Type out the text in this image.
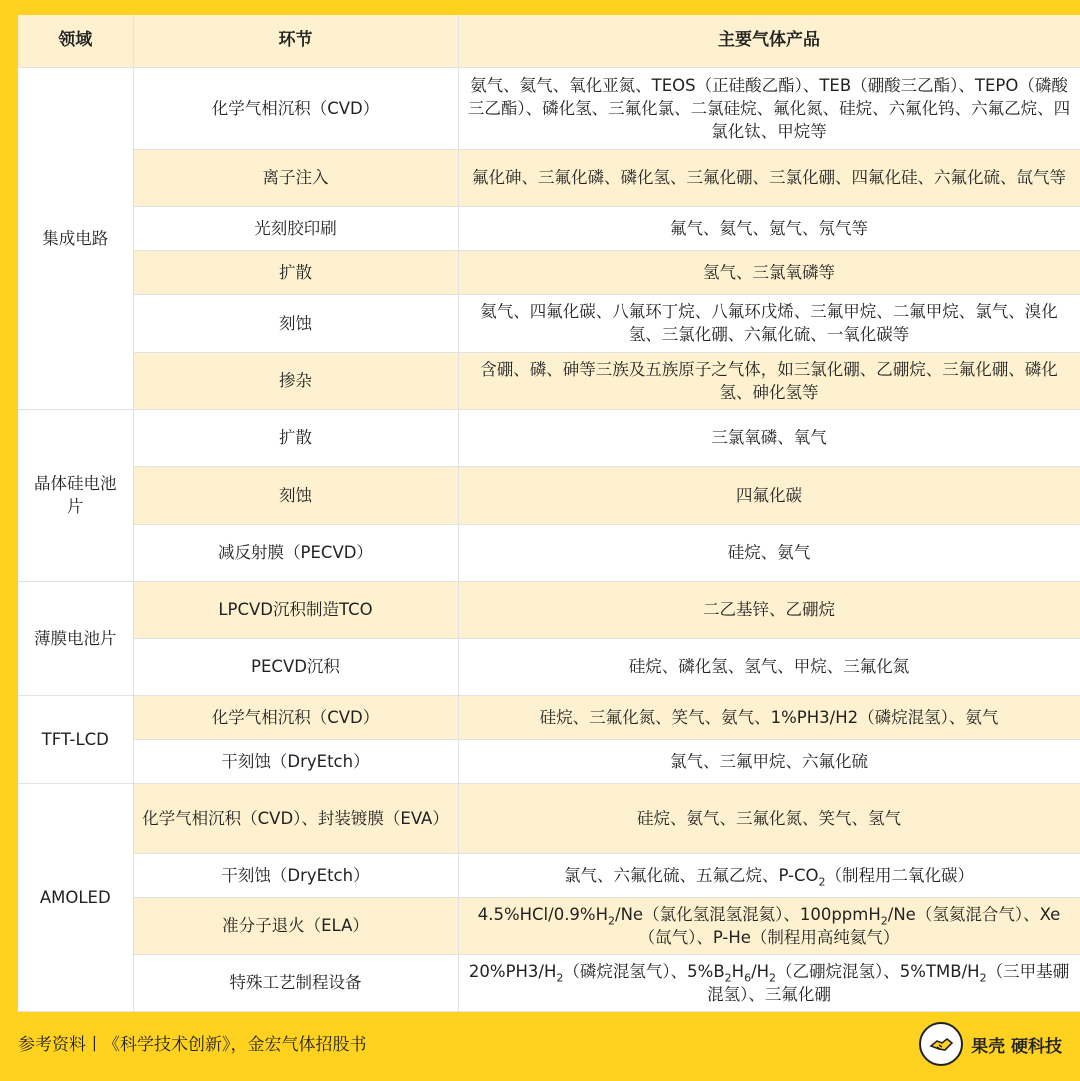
领域	环节	主要气体产品
集成电路	化学气相沉积（CVD）	氨气、氦气、氧化亚氮、TEOS（正硅酸乙酯）、TEB（硼酸三乙酯）、TEPO（磷酸三乙酯）、磷化氢、三氟化氯、二氯硅烷、氟化氮、硅烷、六氟化钨、六氟乙烷、四氯化钛、甲烷等
	离子注入	氟化砷、三氟化磷、磷化氢、三氟化硼、三氯化硼、四氟化硅、六氟化硫、氙气等
	光刻胶印刷	氟气、氦气、氪气、氖气等
	扩散	氢气、三氯氧磷等
	刻蚀	氦气、四氟化碳、八氟环丁烷、八氟环戊烯、三氟甲烷、二氟甲烷、氯气、溴化氢、三氯化硼、六氟化硫、一氧化碳等
	掺杂	含硼、磷、砷等三族及五族原子之气体，如三氯化硼、乙硼烷、三氟化硼、磷化氢、砷化氢等
晶体硅电池片	扩散	三氯氧磷、氧气
	刻蚀	四氟化碳
	减反射膜（PECVD）	硅烷、氨气
薄膜电池片	LPCVD沉积制造TCO	二乙基锌、乙硼烷
	PECVD沉积	硅烷、磷化氢、氢气、甲烷、三氟化氮
TFT-LCD	化学气相沉积（CVD）	硅烷、三氟化氮、笑气、氨气、1%PH3/H2（磷烷混氢）、氨气
	干刻蚀（DryEtch）	氯气、三氟甲烷、六氟化硫
AMOLED	化学气相沉积（CVD）、封装镀膜（EVA）	硅烷、氨气、三氟化氮、笑气、氢气
	干刻蚀（DryEtch）	氯气、六氟化硫、五氟乙烷、$P-CO_2$（制程用二氧化碳）
	准分子退火（ELA）	$4.5\%HCl/0.9\%H_2/Ne$（氯化氢混氢混氦）、100ppmH$_2$/Ne（氢氦混合气）、Xe（氙气）、P-He（制程用高纯氦气）
	特殊工艺制程设备	$20\%PH3/H_2$（磷烷混氢气）、$5\%B_2H_6/H_2$（乙硼烷混氢）、$5\%TMB/H_2$（三甲基硼混氢）、三氟化硼
参考资料丨《科学技术创新》，金宏气体招股书	果壳 硬科技
